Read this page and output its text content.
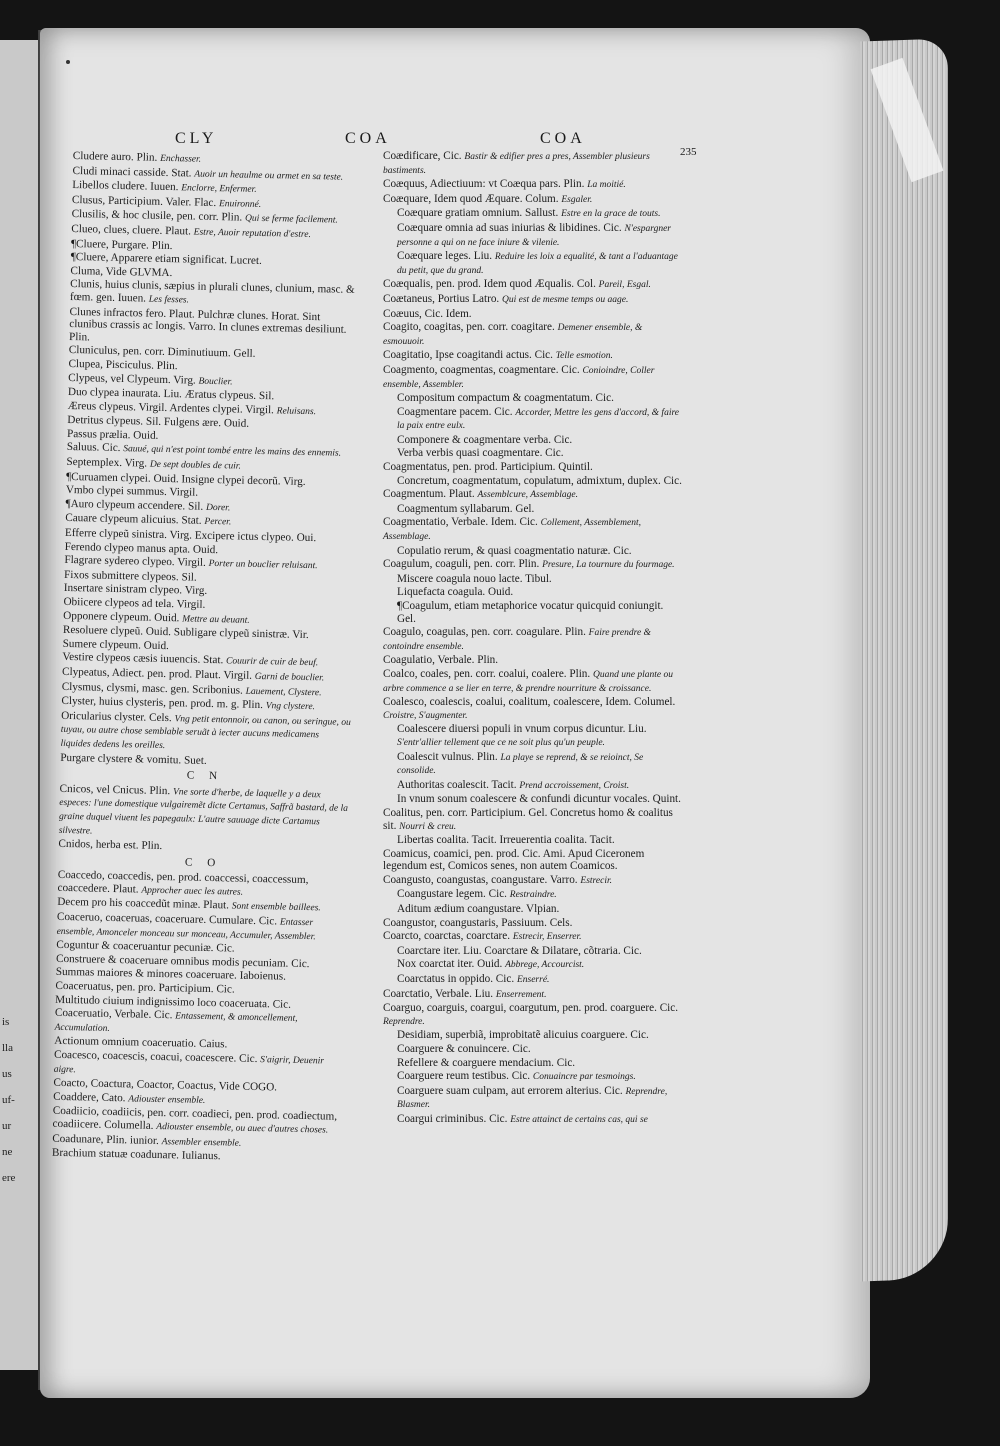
is
lla
us
uf-
ur
ne
ere
CLY	COA	COA
235
Cludere auro. Plin. Enchasser.
Cludi minaci casside. Stat. Auoir un heaulme ou armet en sa teste.
Libellos cludere. Iuuen. Enclorre, Enfermer.
Clusus, Participium. Valer. Flac. Enuironné.
Clusilis, & hoc clusile, pen. corr. Plin. Qui se ferme facilement.
Clueo, clues, cluere. Plaut. Estre, Auoir reputation d'estre.
¶Cluere, Purgare. Plin.
¶Cluere, Apparere etiam significat. Lucret.
Cluma, Vide GLVMA.
Clunis, huius clunis, sæpius in plurali clunes, clunium, masc. & fœm. gen. Iuuen. Les fesses.
Clunes infractos fero. Plaut. Pulchræ clunes. Horat. Sint clunibus crassis ac longis. Varro. In clunes extremas desiliunt. Plin.
Cluniculus, pen. corr. Diminutiuum. Gell.
Clupea, Pisciculus. Plin.
Clypeus, vel Clypeum. Virg. Bouclier.
Duo clypea inaurata. Liu. Æratus clypeus. Sil.
Æreus clypeus. Virgil. Ardentes clypei. Virgil. Reluisans.
Detritus clypeus. Sil. Fulgens ære. Ouid.
Passus prælia. Ouid.
Saluus. Cic. Sauué, qui n'est point tombé entre les mains des ennemis.
Septemplex. Virg. De sept doubles de cuir.
¶Curuamen clypei. Ouid. Insigne clypei decorũ. Virg.
Vmbo clypei summus. Virgil.
¶Auro clypeum accendere. Sil. Dorer.
Cauare clypeum alicuius. Stat. Percer.
Efferre clypeũ sinistra. Virg. Excipere ictus clypeo. Oui.
Ferendo clypeo manus apta. Ouid.
Flagrare sydereo clypeo. Virgil. Porter un bouclier reluisant.
Fixos submittere clypeos. Sil.
Insertare sinistram clypeo. Virg.
Obiicere clypeos ad tela. Virgil.
Opponere clypeum. Ouid. Mettre au deuant.
Resoluere clypeũ. Ouid. Subligare clypeũ sinistræ. Vir.
Sumere clypeum. Ouid.
Vestire clypeos cæsis iuuencis. Stat. Couurir de cuir de beuf.
Clypeatus, Adiect. pen. prod. Plaut. Virgil. Garni de bouclier.
Clysmus, clysmi, masc. gen. Scribonius. Lauement, Clystere.
Clyster, huius clysteris, pen. prod. m. g. Plin. Vng clystere.
Oricularius clyster. Cels. Vng petit entonnoir, ou canon, ou seringue, ou tuyau, ou autre chose semblable seruãt à iecter aucuns medicamens liquides dedens les oreilles.
Purgare clystere & vomitu. Suet.
C N
Cnicos, vel Cnicus. Plin. Vne sorte d'herbe, de laquelle y a deux especes: l'une domestique vulgairemẽt dicte Certamus, Saffrã bastard, de la graine duquel viuent les papegaulx: L'autre sauuage dicte Cartamus silvestre.
Cnidos, herba est. Plin.
C O
Coaccedo, coaccedis, pen. prod. coaccessi, coaccessum, coaccedere. Plaut. Approcher auec les autres.
Decem pro his coaccedũt minæ. Plaut. Sont ensemble baillees.
Coaceruo, coaceruas, coaceruare. Cumulare. Cic. Entasser ensemble, Amonceler monceau sur monceau, Accumuler, Assembler.
Coguntur & coaceruantur pecuniæ. Cic.
Construere & coaceruare omnibus modis pecuniam. Cic.
Summas maiores & minores coaceruare. Iaboienus.
Coaceruatus, pen. pro. Participium. Cic.
Multitudo ciuium indignissimo loco coaceruata. Cic.
Coaceruatio, Verbale. Cic. Entassement, & amoncellement, Accumulation.
Actionum omnium coaceruatio. Caius.
Coacesco, coacescis, coacui, coacescere. Cic. S'aigrir, Deuenir aigre.
Coacto, Coactura, Coactor, Coactus, Vide COGO.
Coaddere, Cato. Adiouster ensemble.
Coadiicio, coadiicis, pen. corr. coadieci, pen. prod. coadiectum, coadiicere. Columella. Adiouster ensemble, ou auec d'autres choses.
Coadunare, Plin. iunior. Assembler ensemble.
Brachium statuæ coadunare. Iulianus.
Coædificare, Cic. Bastir & edifier pres a pres, Assembler plusieurs bastiments.
Coæquus, Adiectiuum: vt Coæqua pars. Plin. La moitié.
Coæquare, Idem quod Æquare. Colum. Esgaler.
Coæquare gratiam omnium. Sallust. Estre en la grace de touts.
Coæquare omnia ad suas iniurias & libidines. Cic. N'espargner personne a qui on ne face iniure & vilenie.
Coæquare leges. Liu. Reduire les loix a equalité, & tant a l'aduantage du petit, que du grand.
Coæqualis, pen. prod. Idem quod Æqualis. Col. Pareil, Esgal.
Coætaneus, Portius Latro. Qui est de mesme temps ou aage.
Coæuus, Cic. Idem.
Coagito, coagitas, pen. corr. coagitare. Demener ensemble, & esmouuoir.
Coagitatio, Ipse coagitandi actus. Cic. Telle esmotion.
Coagmento, coagmentas, coagmentare. Cic. Conioindre, Coller ensemble, Assembler.
Compositum compactum & coagmentatum. Cic.
Coagmentare pacem. Cic. Accorder, Mettre les gens d'accord, & faire la paix entre eulx.
Componere & coagmentare verba. Cic.
Verba verbis quasi coagmentare. Cic.
Coagmentatus, pen. prod. Participium. Quintil.
Concretum, coagmentatum, copulatum, admixtum, duplex. Cic.
Coagmentum. Plaut. Assemblcure, Assemblage.
Coagmentum syllabarum. Gel.
Coagmentatio, Verbale. Idem. Cic. Collement, Assemblement, Assemblage.
Copulatio rerum, & quasi coagmentatio naturæ. Cic.
Coagulum, coaguli, pen. corr. Plin. Presure, La tournure du fourmage.
Miscere coagula nouo lacte. Tibul.
Liquefacta coagula. Ouid.
¶Coagulum, etiam metaphorice vocatur quicquid coniungit. Gel.
Coagulo, coagulas, pen. corr. coagulare. Plin. Faire prendre & contoindre ensemble.
Coagulatio, Verbale. Plin.
Coalco, coales, pen. corr. coalui, coalere. Plin. Quand une plante ou arbre commence a se lier en terre, & prendre nourriture & croissance.
Coalesco, coalescis, coalui, coalitum, coalescere, Idem. Columel. Croistre, S'augmenter.
Coalescere diuersi populi in vnum corpus dicuntur. Liu. S'entr'allier tellement que ce ne soit plus qu'un peuple.
Coalescit vulnus. Plin. La playe se reprend, & se reioinct, Se consolide.
Authoritas coalescit. Tacit. Prend accroissement, Croist.
In vnum sonum coalescere & confundi dicuntur vocales. Quint.
Coalitus, pen. corr. Participium. Gel. Concretus homo & coalitus sit. Nourri & creu.
Libertas coalita. Tacit. Irreuerentia coalita. Tacit.
Coamicus, coamici, pen. prod. Cic. Ami. Apud Ciceronem legendum est, Comicos senes, non autem Coamicos.
Coangusto, coangustas, coangustare. Varro. Estrecir.
Coangustare legem. Cic. Restraindre.
Aditum ædium coangustare. Vlpian.
Coangustor, coangustaris, Passiuum. Cels.
Coarcto, coarctas, coarctare. Estrecir, Enserrer.
Coarctare iter. Liu. Coarctare & Dilatare, cõtraria. Cic.
Nox coarctat iter. Ouid. Abbrege, Accourcist.
Coarctatus in oppido. Cic. Enserré.
Coarctatio, Verbale. Liu. Enserrement.
Coarguo, coarguis, coargui, coargutum, pen. prod. coarguere. Cic. Reprendre.
Desidiam, superbiã, improbitatẽ alicuius coarguere. Cic.
Coarguere & conuincere. Cic.
Refellere & coarguere mendacium. Cic.
Coarguere reum testibus. Cic. Conuaincre par tesmoings.
Coarguere suam culpam, aut errorem alterius. Cic. Reprendre, Blasmer.
Coargui criminibus. Cic. Estre attainct de certains cas, qui se
